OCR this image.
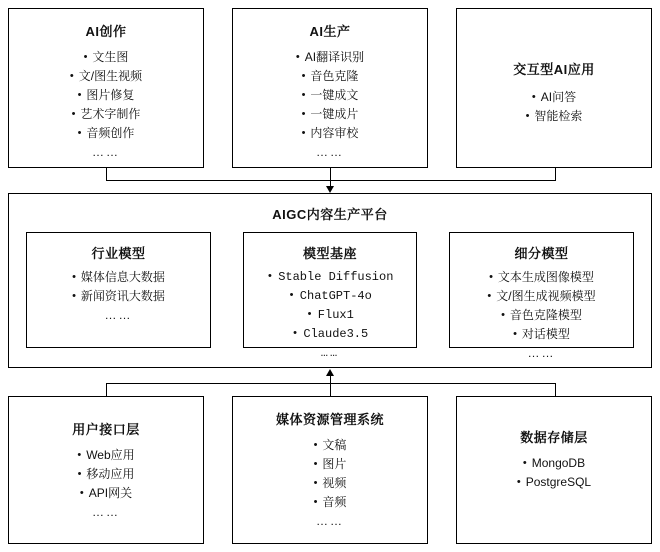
AI创作
• 文生图
• 文/图生视频
• 图片修复
• 艺术字制作
• 音频创作
……
AI生产
• AI翻译识别
• 音色克隆
• 一键成文
• 一键成片
• 内容审校
……
交互型AI应用
• AI问答
• 智能检索
AIGC内容生产平台
行业模型
• 媒体信息大数据
• 新闻资讯大数据
……
模型基座
• Stable Diffusion
• ChatGPT-4o
• Flux1
• Claude3.5
……
细分模型
• 文本生成图像模型
• 文/图生成视频模型
• 音色克隆模型
• 对话模型
……
用户接口层
• Web应用
• 移动应用
• API网关
……
媒体资源管理系统
• 文稿
• 图片
• 视频
• 音频
……
数据存储层
• MongoDB
• PostgreSQL
